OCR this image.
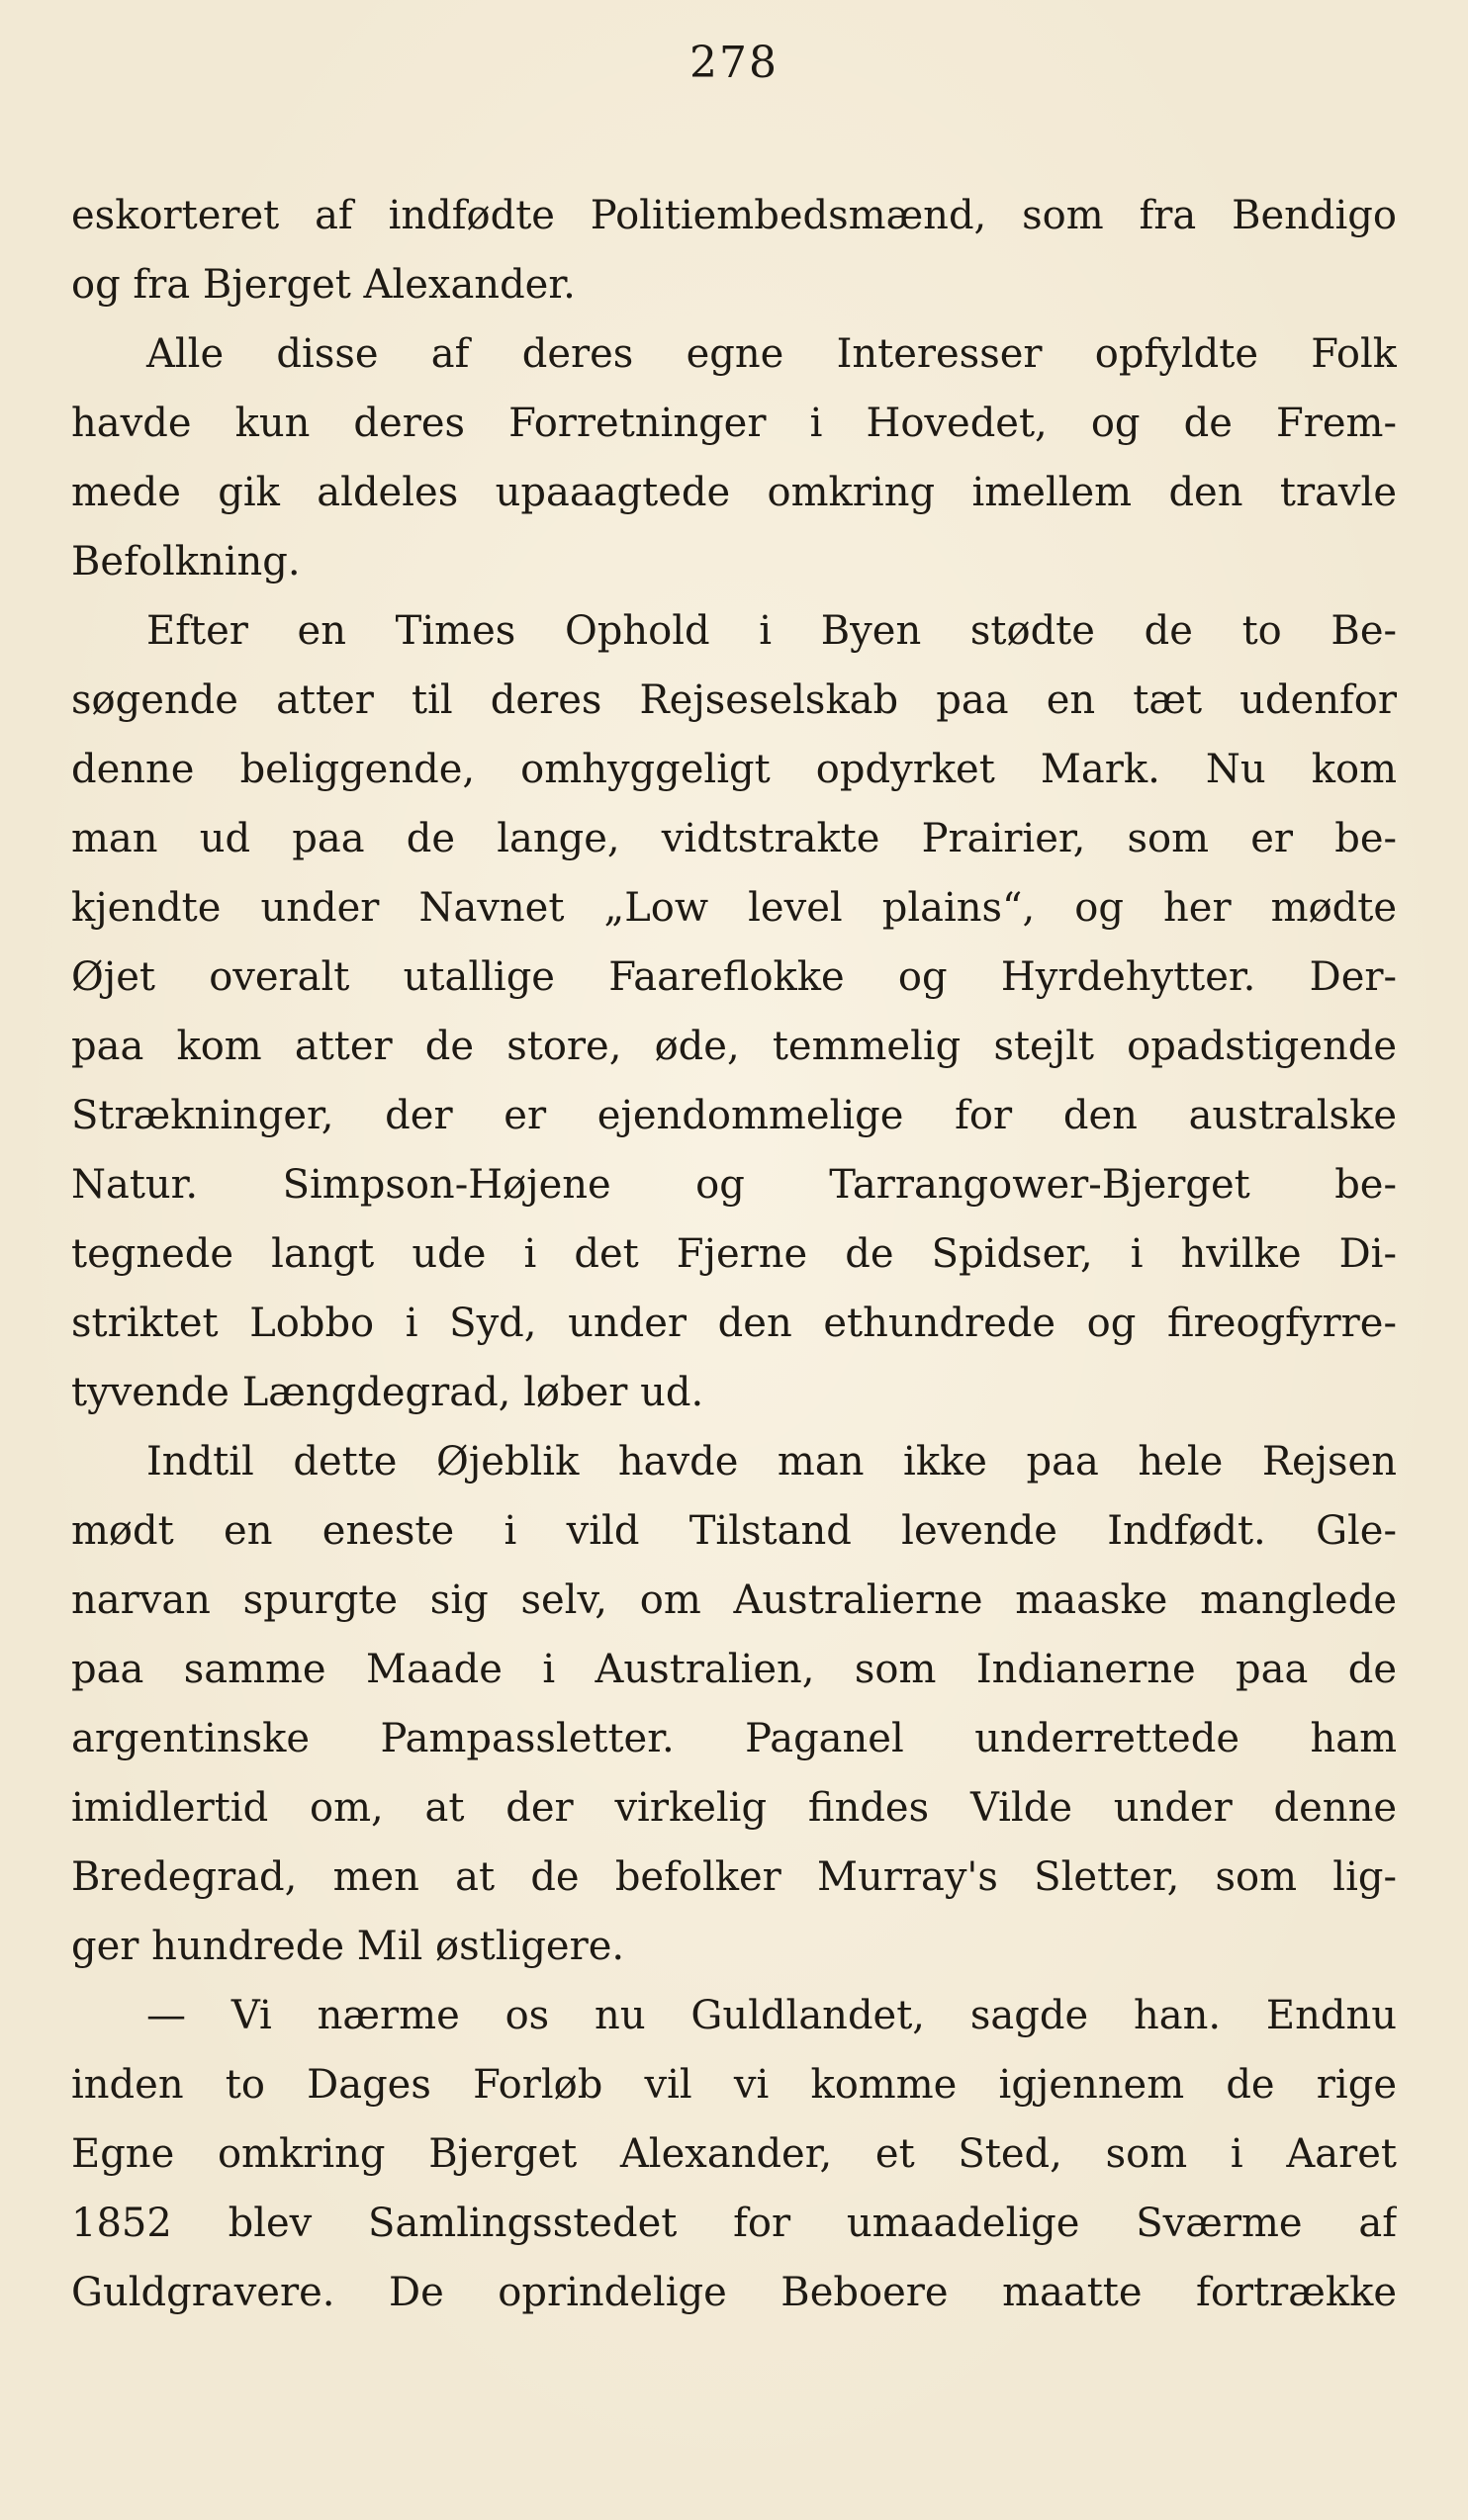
278
eskorteret af indfødte Politiembedsmænd, som fra Bendigo
og fra Bjerget Alexander.
Alle disse af deres egne Interesser opfyldte Folk
havde kun deres Forretninger i Hovedet, og de Frem-
mede gik aldeles upaaagtede omkring imellem den travle
Befolkning.
Efter en Times Ophold i Byen stødte de to Be-
søgende atter til deres Rejseselskab paa en tæt udenfor
denne beliggende, omhyggeligt opdyrket Mark. Nu kom
man ud paa de lange, vidtstrakte Prairier, som er be-
kjendte under Navnet „Low level plains“, og her mødte
Øjet overalt utallige Faareflokke og Hyrdehytter. Der-
paa kom atter de store, øde, temmelig stejlt opadstigende
Strækninger, der er ejendommelige for den australske
Natur. Simpson-Højene og Tarrangower-Bjerget be-
tegnede langt ude i det Fjerne de Spidser, i hvilke Di-
striktet Lobbo i Syd, under den ethundrede og fireogfyrre-
tyvende Længdegrad, løber ud.
Indtil dette Øjeblik havde man ikke paa hele Rejsen
mødt en eneste i vild Tilstand levende Indfødt. Gle-
narvan spurgte sig selv, om Australierne maaske manglede
paa samme Maade i Australien, som Indianerne paa de
argentinske Pampassletter. Paganel underrettede ham
imidlertid om, at der virkelig findes Vilde under denne
Bredegrad, men at de befolker Murray's Sletter, som lig-
ger hundrede Mil østligere.
— Vi nærme os nu Guldlandet, sagde han. Endnu
inden to Dages Forløb vil vi komme igjennem de rige
Egne omkring Bjerget Alexander, et Sted, som i Aaret
1852 blev Samlingsstedet for umaadelige Sværme af
Guldgravere. De oprindelige Beboere maatte fortrække
